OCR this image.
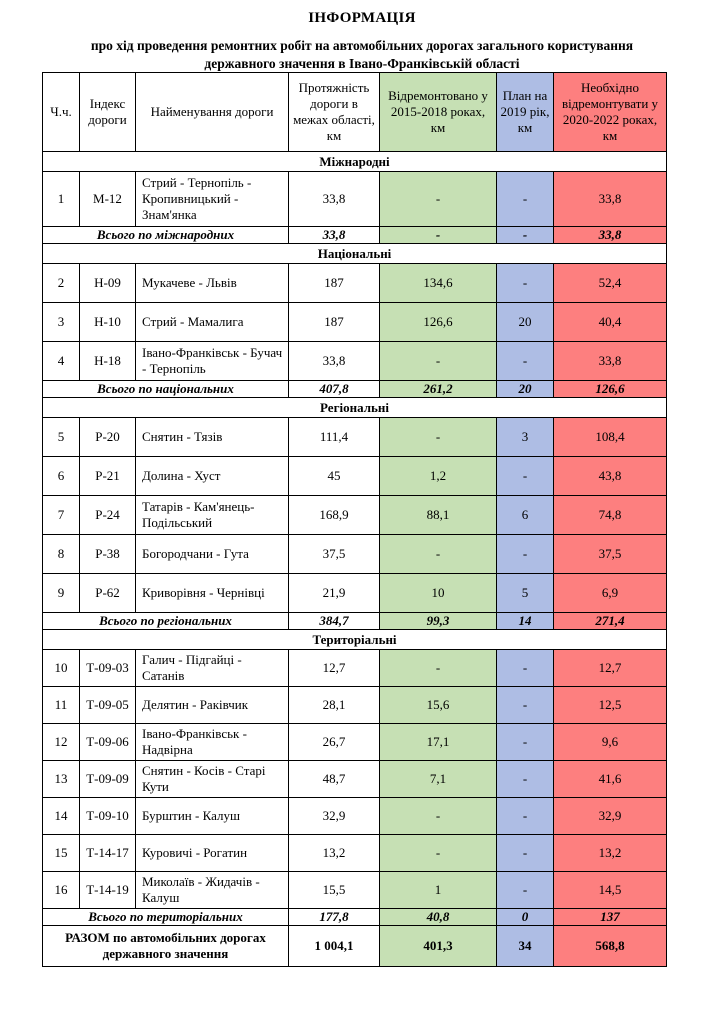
ІНФОРМАЦІЯ
про хід проведення ремонтних робіт на автомобільних дорогах загального користування
державного значення в Івано-Франківській області
Ч.ч.	Індекс дороги	Найменування дороги	Протяжність дороги в межах області, км	Відремонтовано у 2015-2018 роках, км	План на 2019 рік, км	Необхідно відремонтувати у 2020-2022 роках, км
Міжнародні						
1	М-12	Стрий - Тернопіль - Кропивницький - Знам'янка	33,8	-	-	33,8
Всього по міжнародних			33,8	-	-	33,8
Національні						
2	Н-09	Мукачеве - Львів	187	134,6	-	52,4
3	Н-10	Стрий - Мамалига	187	126,6	20	40,4
4	Н-18	Івано-Франківськ - Бучач - Тернопіль	33,8	-	-	33,8
Всього по національних			407,8	261,2	20	126,6
Регіональні						
5	Р-20	Снятин - Тязів	111,4	-	3	108,4
6	Р-21	Долина - Хуст	45	1,2	-	43,8
7	Р-24	Татарів - Кам'янець-Подільський	168,9	88,1	6	74,8
8	Р-38	Богородчани - Гута	37,5	-	-	37,5
9	Р-62	Криворівня - Чернівці	21,9	10	5	6,9
Всього по регіональних			384,7	99,3	14	271,4
Територіальні						
10	Т-09-03	Галич - Підгайці - Сатанів	12,7	-	-	12,7
11	Т-09-05	Делятин - Раківчик	28,1	15,6	-	12,5
12	Т-09-06	Івано-Франківськ - Надвірна	26,7	17,1	-	9,6
13	Т-09-09	Снятин - Косів - Старі Кути	48,7	7,1	-	41,6
14	Т-09-10	Бурштин - Калуш	32,9	-	-	32,9
15	Т-14-17	Куровичі - Рогатин	13,2	-	-	13,2
16	Т-14-19	Миколаїв - Жидачів - Калуш	15,5	1	-	14,5
Всього по територіальних			177,8	40,8	0	137
РАЗОМ по автомобільних дорогах державного значення			1 004,1	401,3	34	568,8
